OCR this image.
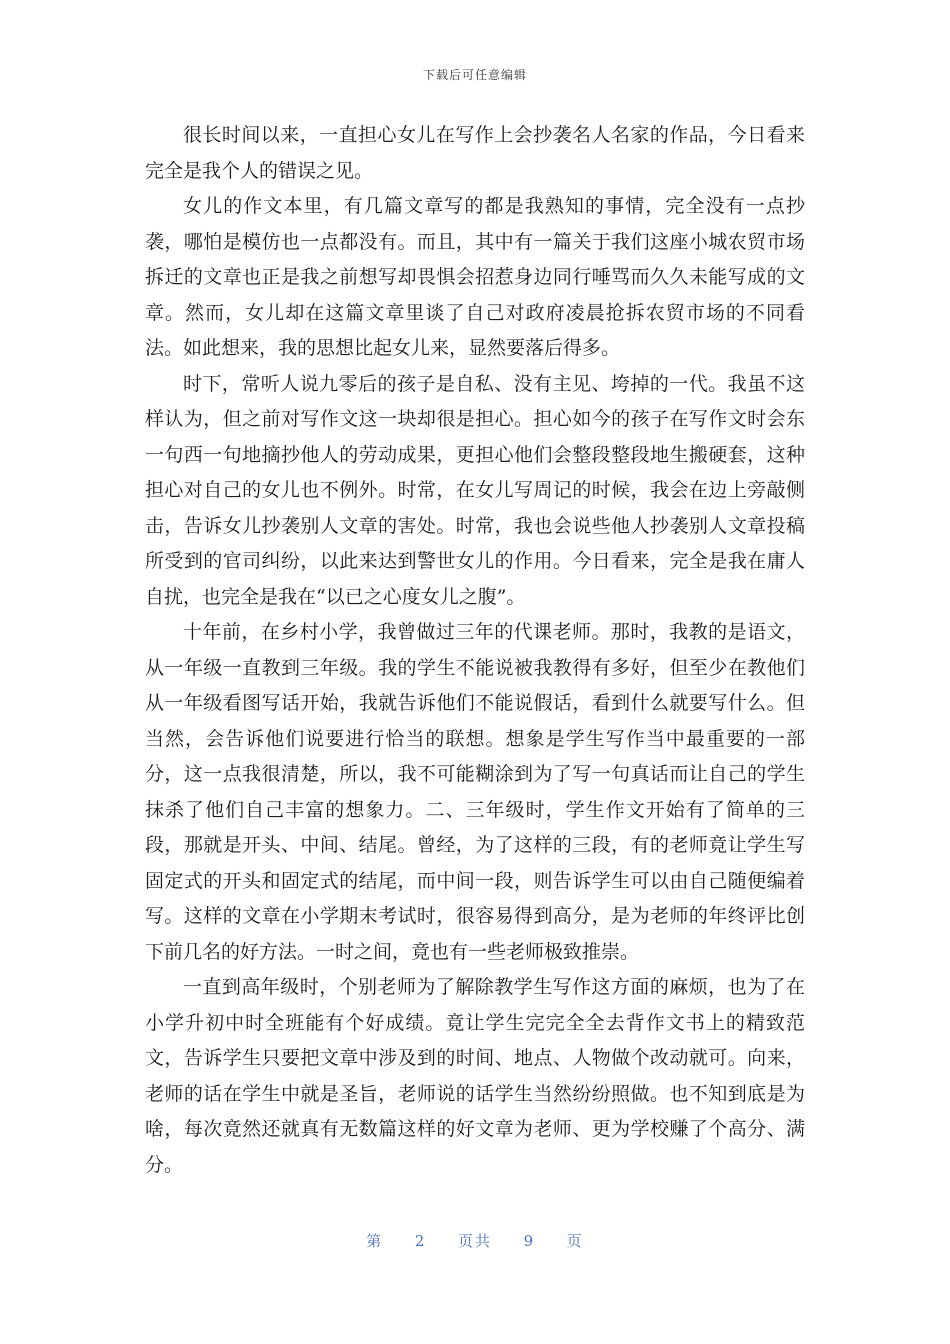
下载后可任意编辑

很长时间以来，一直担心女儿在写作上会抄袭名人名家的作品，今日看来完全是我个人的错误之见。

女儿的作文本里，有几篇文章写的都是我熟知的事情，完全没有一点抄袭，哪怕是模仿也一点都没有。而且，其中有一篇关于我们这座小城农贸市场拆迁的文章也正是我之前想写却畏惧会招惹身边同行唾骂而久久未能写成的文章。然而，女儿却在这篇文章里谈了自己对政府凌晨抢拆农贸市场的不同看法。如此想来，我的思想比起女儿来，显然要落后得多。

时下，常听人说九零后的孩子是自私、没有主见、垮掉的一代。我虽不这样认为，但之前对写作文这一块却很是担心。担心如今的孩子在写作文时会东一句西一句地摘抄他人的劳动成果，更担心他们会整段整段地生搬硬套，这种担心对自己的女儿也不例外。时常，在女儿写周记的时候，我会在边上旁敲侧击，告诉女儿抄袭别人文章的害处。时常，我也会说些他人抄袭别人文章投稿所受到的官司纠纷，以此来达到警世女儿的作用。今日看来，完全是我在庸人自扰，也完全是我在“以已之心度女儿之腹”。

十年前，在乡村小学，我曾做过三年的代课老师。那时，我教的是语文，从一年级一直教到三年级。我的学生不能说被我教得有多好，但至少在教他们从一年级看图写话开始，我就告诉他们不能说假话，看到什么就要写什么。但当然，会告诉他们说要进行恰当的联想。想象是学生写作当中最重要的一部分，这一点我很清楚，所以，我不可能糊涂到为了写一句真话而让自己的学生抹杀了他们自己丰富的想象力。二、三年级时，学生作文开始有了简单的三段，那就是开头、中间、结尾。曾经，为了这样的三段，有的老师竟让学生写固定式的开头和固定式的结尾，而中间一段，则告诉学生可以由自己随便编着写。这样的文章在小学期末考试时，很容易得到高分，是为老师的年终评比创下前几名的好方法。一时之间，竟也有一些老师极致推崇。

一直到高年级时，个别老师为了解除教学生写作这方面的麻烦，也为了在小学升初中时全班能有个好成绩。竟让学生完完全全去背作文书上的精致范文，告诉学生只要把文章中涉及到的时间、地点、人物做个改动就可。向来，老师的话在学生中就是圣旨，老师说的话学生当然纷纷照做。也不知到底是为啥，每次竟然还就真有无数篇这样的好文章为老师、更为学校赚了个高分、满分。

第 2 页共 9 页
